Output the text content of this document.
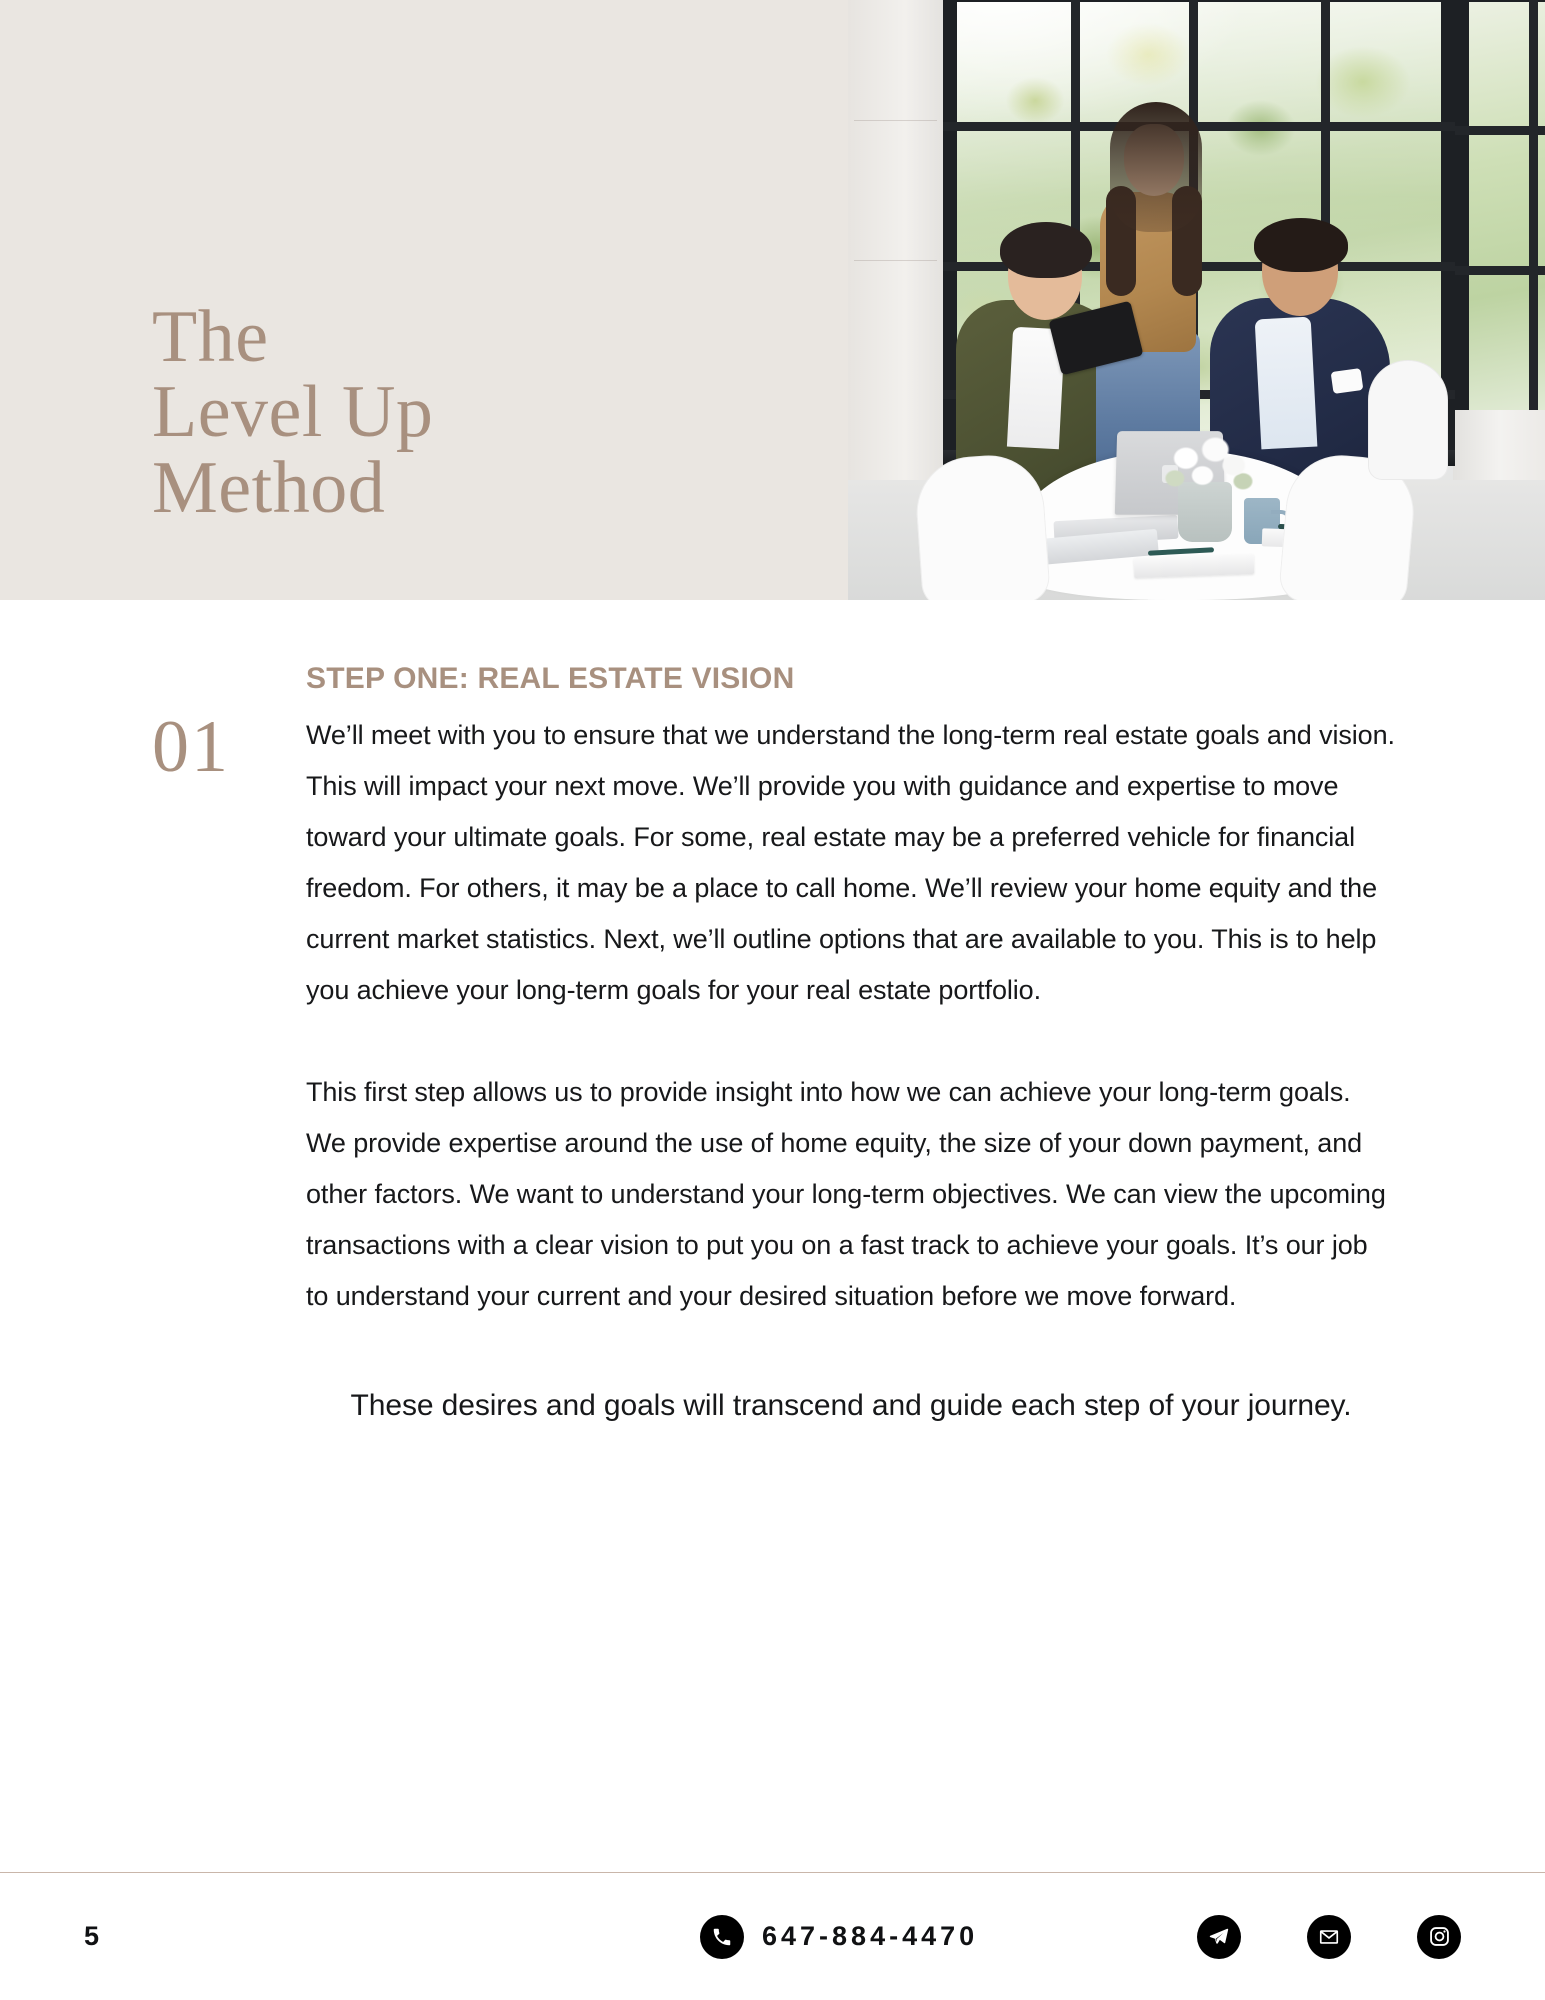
The
Level Up
Method
01
STEP ONE: REAL ESTATE VISION

We’ll meet with you to ensure that we understand the long-term real estate goals and vision. This will impact your next move. We’ll provide you with guidance and expertise to move toward your ultimate goals. For some, real estate may be a preferred vehicle for financial freedom. For others, it may be a place to call home. We’ll review your home equity and the current market statistics. Next, we’ll outline options that are available to you. This is to help you achieve your long-term goals for your real estate portfolio.

This first step allows us to provide insight into how we can achieve your long-term goals. We provide expertise around the use of home equity, the size of your down payment, and other factors. We want to understand your long-term objectives. We can view the upcoming transactions with a clear vision to put you on a fast track to achieve your goals. It’s our job to understand your current and your desired situation before we move forward.

These desires and goals will transcend and guide each step of your journey.

5	647-884-4470
